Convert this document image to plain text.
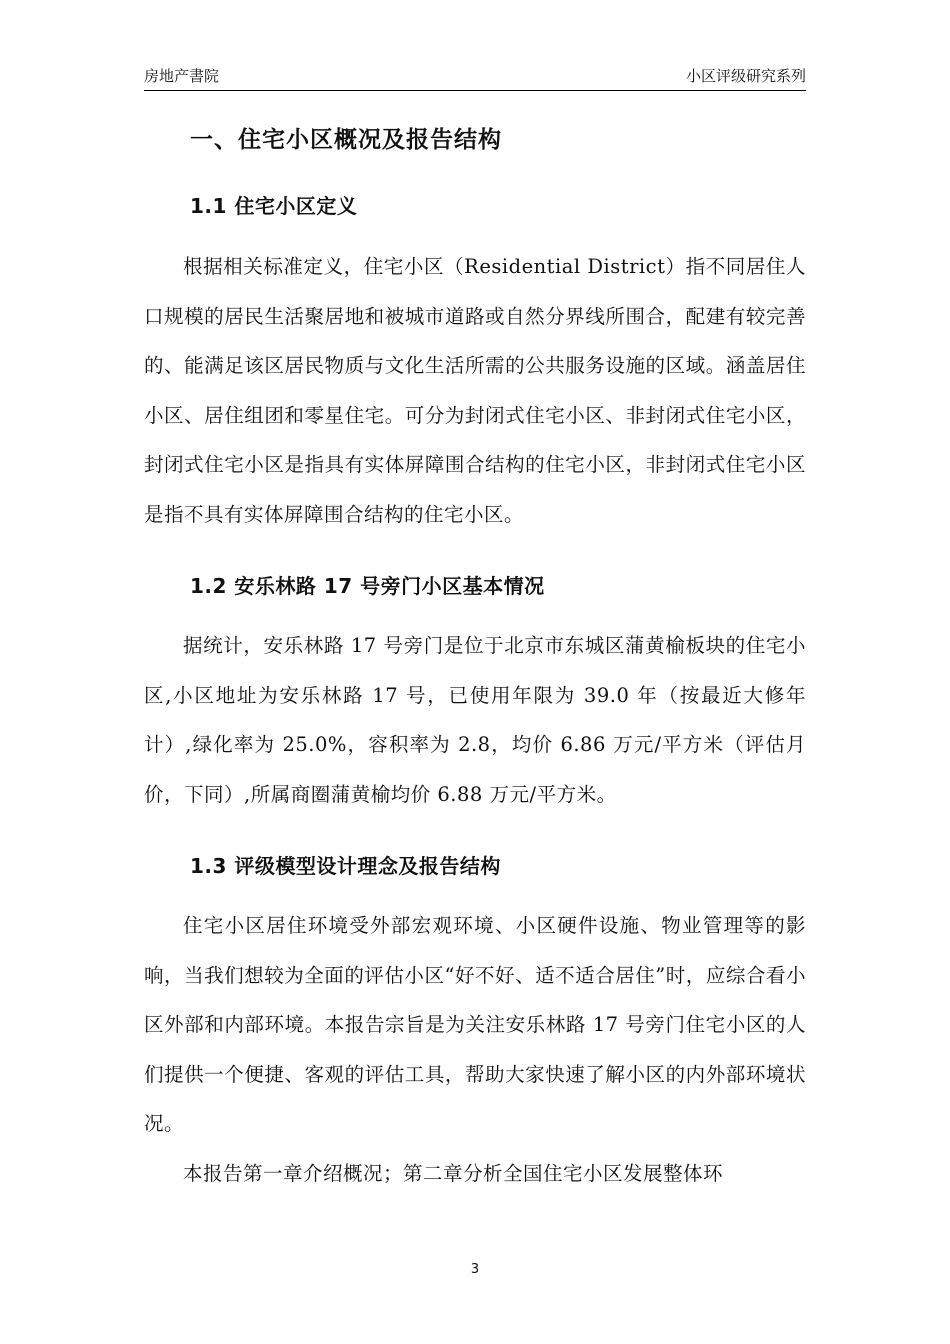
房地产書院	小区评级研究系列
一、住宅小区概况及报告结构
1.1 住宅小区定义

根据相关标准定义，住宅小区（Residential District）指不同居住人口规模的居民生活聚居地和被城市道路或自然分界线所围合，配建有较完善的、能满足该区居民物质与文化生活所需的公共服务设施的区域。涵盖居住小区、居住组团和零星住宅。可分为封闭式住宅小区、非封闭式住宅小区，封闭式住宅小区是指具有实体屏障围合结构的住宅小区，非封闭式住宅小区是指不具有实体屏障围合结构的住宅小区。

1.2 安乐林路 17 号旁门小区基本情况

据统计，安乐林路 17 号旁门是位于北京市东城区蒲黄榆板块的住宅小区,小区地址为安乐林路 17 号，已使用年限为 39.0 年（按最近大修年计）,绿化率为 25.0%，容积率为 2.8，均价 6.86 万元/平方米（评估月价，下同）,所属商圈蒲黄榆均价 6.88 万元/平方米。

1.3 评级模型设计理念及报告结构

住宅小区居住环境受外部宏观环境、小区硬件设施、物业管理等的影响，当我们想较为全面的评估小区“好不好、适不适合居住”时，应综合看小区外部和内部环境。本报告宗旨是为关注安乐林路 17 号旁门住宅小区的人们提供一个便捷、客观的评估工具，帮助大家快速了解小区的内外部环境状况。

本报告第一章介绍概况；第二章分析全国住宅小区发展整体环

3
